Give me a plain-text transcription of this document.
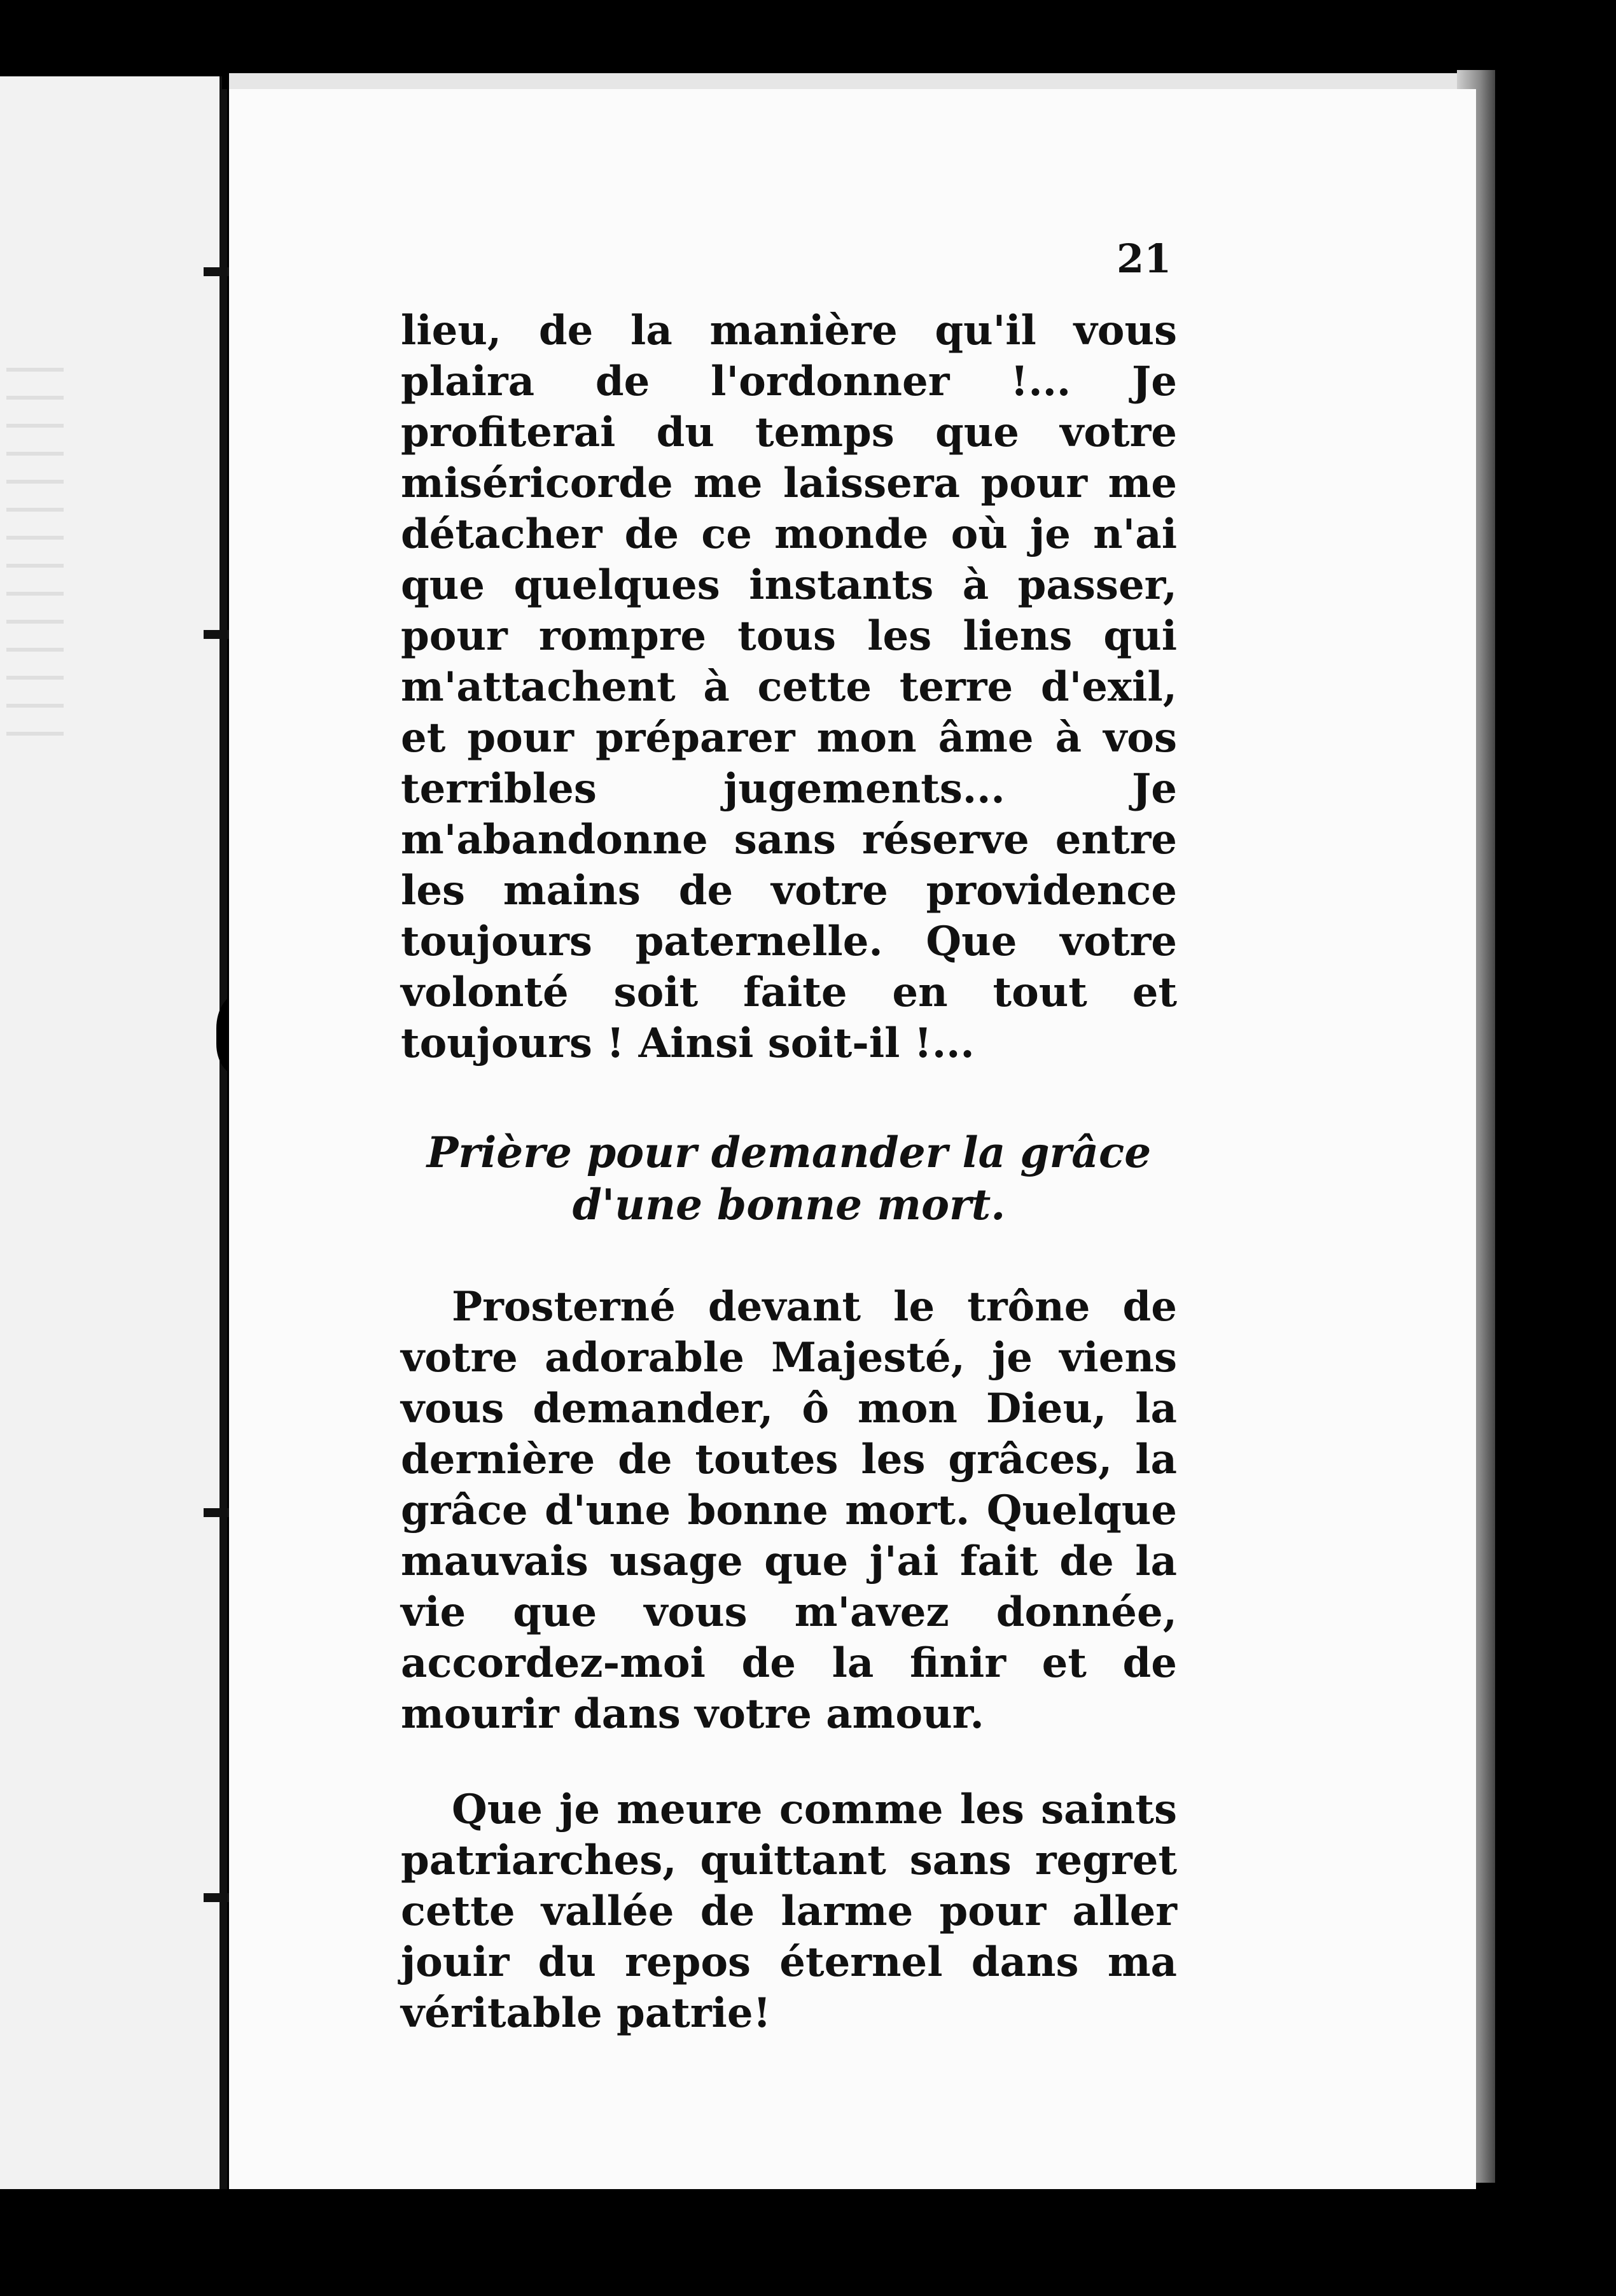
21

lieu, de la manière qu'il vous plaira de l'ordonner !... Je profiterai du temps que votre miséricorde me laissera pour me détacher de ce monde où je n'ai que quelques instants à passer, pour rompre tous les liens qui m'attachent à cette terre d'exil, et pour préparer mon âme à vos terribles jugements... Je m'abandonne sans réserve entre les mains de votre providence toujours paternelle. Que votre volonté soit faite en tout et toujours ! Ainsi soit-il !...

Prière pour demander la grâce
d'une bonne mort.

Prosterné devant le trône de votre adorable Majesté, je viens vous demander, ô mon Dieu, la dernière de toutes les grâces, la grâce d'une bonne mort. Quelque mauvais usage que j'ai fait de la vie que vous m'avez donnée, accordez-moi de la finir et de mourir dans votre amour.

Que je meure comme les saints patriarches, quittant sans regret cette vallée de larme pour aller jouir du repos éternel dans ma véritable patrie!
